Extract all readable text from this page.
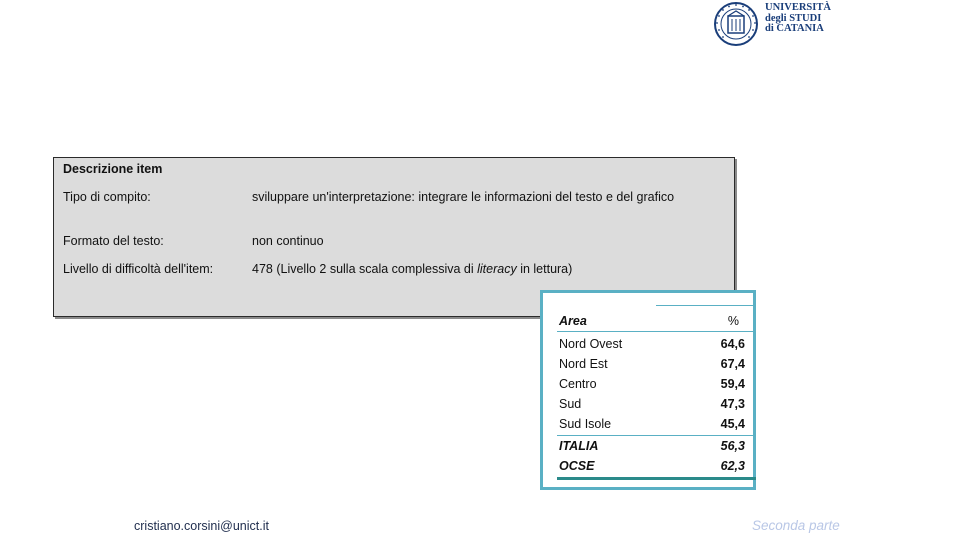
UNIVERSITÀ
degli STUDI
di CATANIA
Descrizione item
Tipo di compito:	sviluppare un'interpretazione: integrare le informazioni del testo e del grafico
Formato del testo:	non continuo
Livello di difficoltà dell'item:	478 (Livello 2 sulla scala complessiva di literacy in lettura)
Area	%
Nord Ovest	64,6
Nord Est	67,4
Centro	59,4
Sud	47,3
Sud Isole	45,4
ITALIA	56,3
OCSE	62,3
cristiano.corsini@unict.it	Seconda parte
